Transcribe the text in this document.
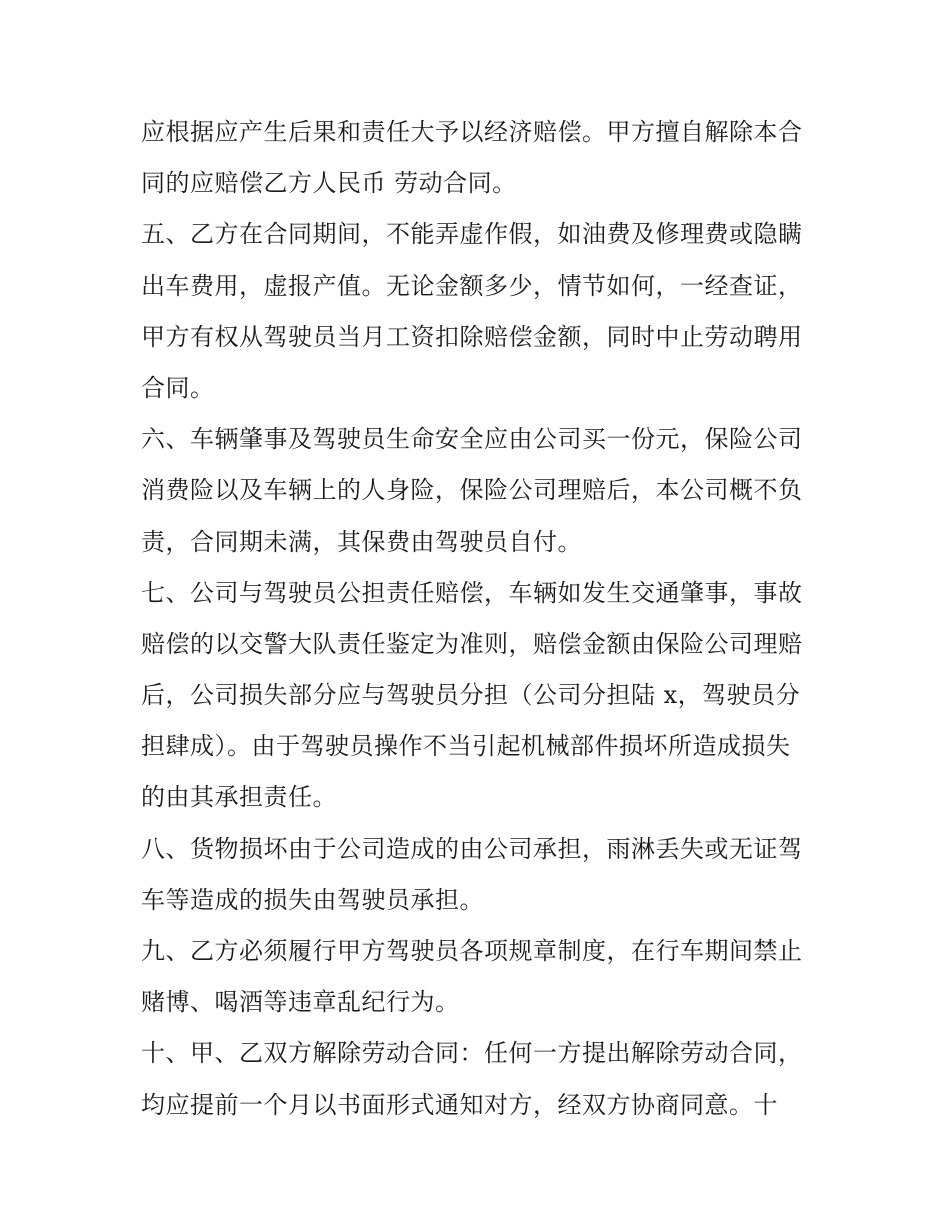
应根据应产生后果和责任大予以经济赔偿。甲方擅自解除本合
同的应赔偿乙方人民币 劳动合同。
五、乙方在合同期间，不能弄虚作假，如油费及修理费或隐瞒
出车费用，虚报产值。无论金额多少，情节如何，一经查证，
甲方有权从驾驶员当月工资扣除赔偿金额，同时中止劳动聘用
合同。
六、车辆肇事及驾驶员生命安全应由公司买一份元，保险公司
消费险以及车辆上的人身险，保险公司理赔后，本公司概不负
责，合同期未满，其保费由驾驶员自付。
七、公司与驾驶员公担责任赔偿，车辆如发生交通肇事，事故
赔偿的以交警大队责任鉴定为准则，赔偿金额由保险公司理赔
后，公司损失部分应与驾驶员分担（公司分担陆 x，驾驶员分
担肆成）。由于驾驶员操作不当引起机械部件损坏所造成损失
的由其承担责任。
八、货物损坏由于公司造成的由公司承担，雨淋丢失或无证驾
车等造成的损失由驾驶员承担。
九、乙方必须履行甲方驾驶员各项规章制度，在行车期间禁止
赌博、喝酒等违章乱纪行为。
十、甲、乙双方解除劳动合同：任何一方提出解除劳动合同，
均应提前一个月以书面形式通知对方，经双方协商同意。十
